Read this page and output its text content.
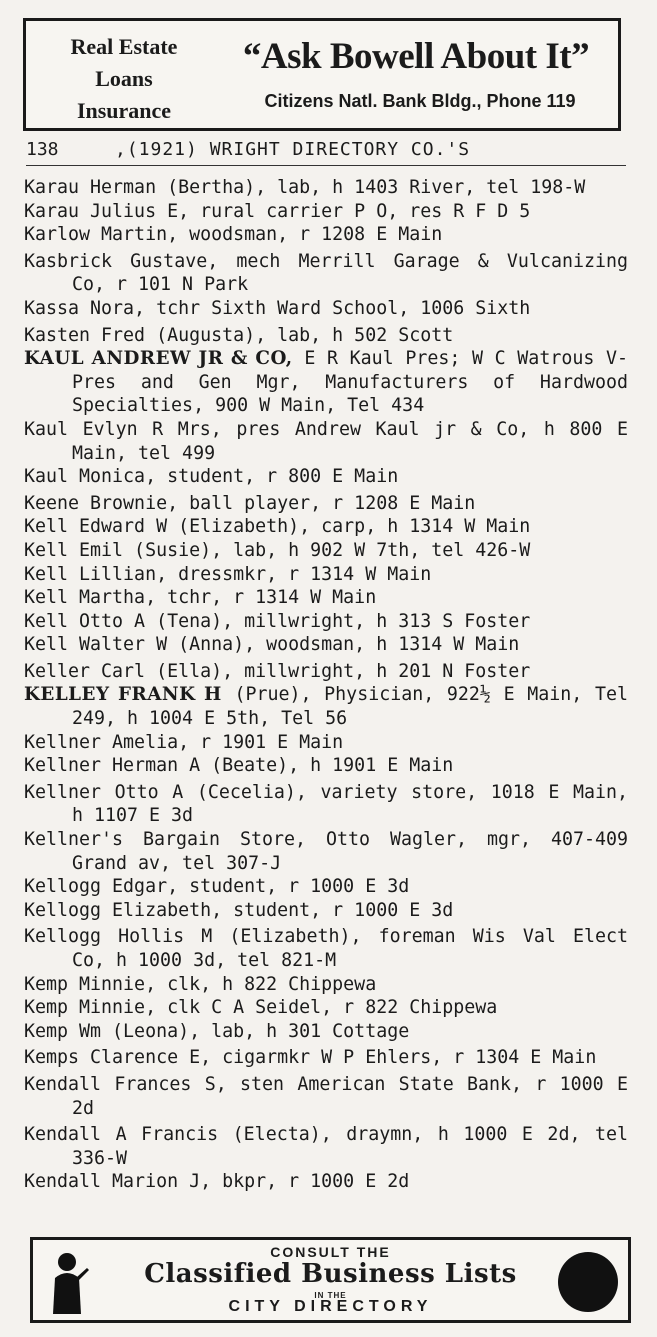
Real Estate
Loans
Insurance
“Ask Bowell About It”
Citizens Natl. Bank Bldg., Phone 119
138	,(1921) WRIGHT DIRECTORY CO.'S
Karau Herman (Bertha), lab, h 1403 River, tel 198-W
Karau Julius E, rural carrier P O, res R F D 5
Karlow Martin, woodsman, r 1208 E Main
Kasbrick Gustave, mech Merrill Garage & Vulcanizing Co, r 101 N Park
Kassa Nora, tchr Sixth Ward School, 1006 Sixth
Kasten Fred (Augusta), lab, h 502 Scott
KAUL ANDREW JR & CO, E R Kaul Pres; W C Watrous V-Pres and Gen Mgr, Manufacturers of Hardwood Specialties, 900 W Main, Tel 434
Kaul Evlyn R Mrs, pres Andrew Kaul jr & Co, h 800 E Main, tel 499
Kaul Monica, student, r 800 E Main
Keene Brownie, ball player, r 1208 E Main
Kell Edward W (Elizabeth), carp, h 1314 W Main
Kell Emil (Susie), lab, h 902 W 7th, tel 426-W
Kell Lillian, dressmkr, r 1314 W Main
Kell Martha, tchr, r 1314 W Main
Kell Otto A (Tena), millwright, h 313 S Foster
Kell Walter W (Anna), woodsman, h 1314 W Main
Keller Carl (Ella), millwright, h 201 N Foster
KELLEY FRANK H (Prue), Physician, 922½ E Main, Tel 249, h 1004 E 5th, Tel 56
Kellner Amelia, r 1901 E Main
Kellner Herman A (Beate), h 1901 E Main
Kellner Otto A (Cecelia), variety store, 1018 E Main, h 1107 E 3d
Kellner's Bargain Store, Otto Wagler, mgr, 407-409 Grand av, tel 307-J
Kellogg Edgar, student, r 1000 E 3d
Kellogg Elizabeth, student, r 1000 E 3d
Kellogg Hollis M (Elizabeth), foreman Wis Val Elect Co, h 1000 3d, tel 821-M
Kemp Minnie, clk, h 822 Chippewa
Kemp Minnie, clk C A Seidel, r 822 Chippewa
Kemp Wm (Leona), lab, h 301 Cottage
Kemps Clarence E, cigarmkr W P Ehlers, r 1304 E Main
Kendall Frances S, sten American State Bank, r 1000 E 2d
Kendall A Francis (Electa), draymn, h 1000 E 2d, tel 336-W
Kendall Marion J, bkpr, r 1000 E 2d
CONSULT THE
Classified Business Lists
IN THE
CITY DIRECTORY
